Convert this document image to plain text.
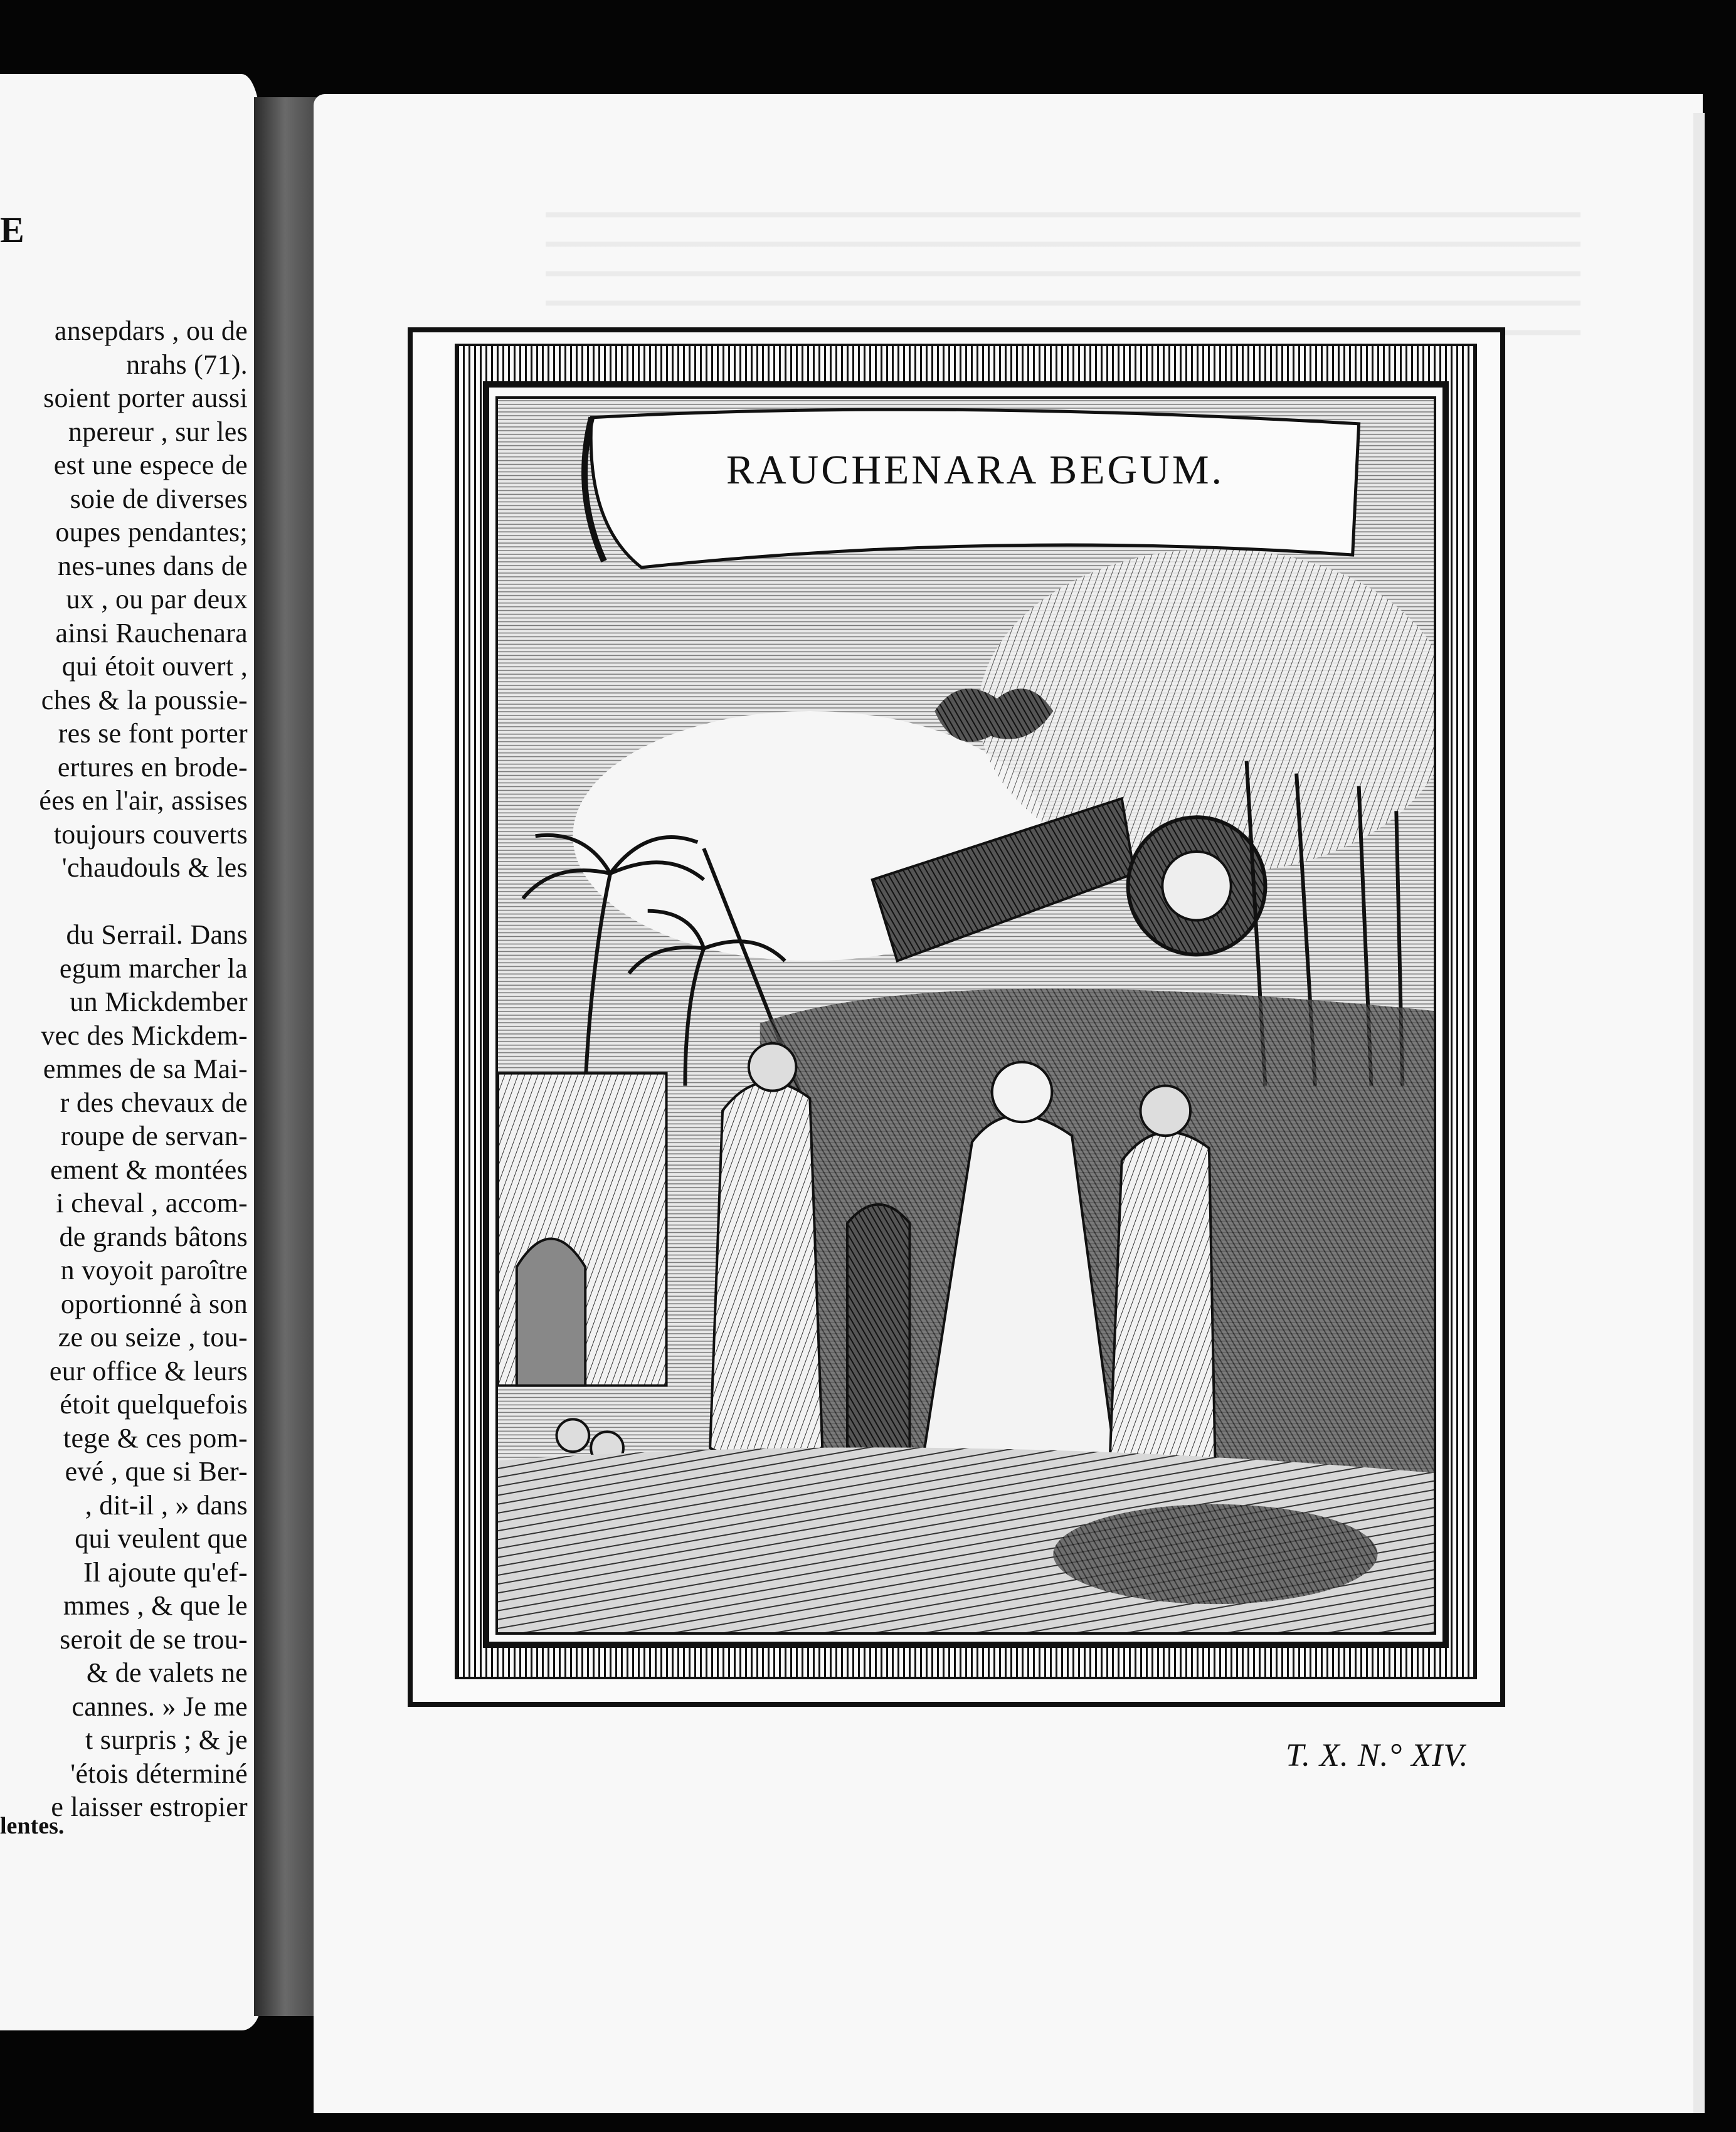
E
ansepdars , ou de
nrahs (71).
soient porter aussi
npereur , sur les
est une espece de
soie de diverses
oupes pendantes;
nes-unes dans de
ux , ou par deux
ainsi Rauchenara
qui étoit ouvert ,
ches & la poussie-
res se font porter
ertures en brode-
ées en l'air, assises
toujours couverts
'chaudouls & les
du Serrail. Dans
egum marcher la
un Mickdember
vec des Mickdem-
emmes de sa Mai-
r des chevaux de
roupe de servan-
ement & montées
i cheval , accom-
de grands bâtons
n voyoit paroître
oportionné à son
ze ou seize , tou-
eur office & leurs
étoit quelquefois
tege & ces pom-
evé , que si Ber-
, dit-il , » dans
qui veulent que
Il ajoute qu'ef-
mmes , & que le
seroit de se trou-
& de valets ne
cannes. » Je me
t surpris ; & je
'étois déterminé
e laisser estropier
lentes.
RAUCHENARA BEGUM.
T. X. N.° XIV.
